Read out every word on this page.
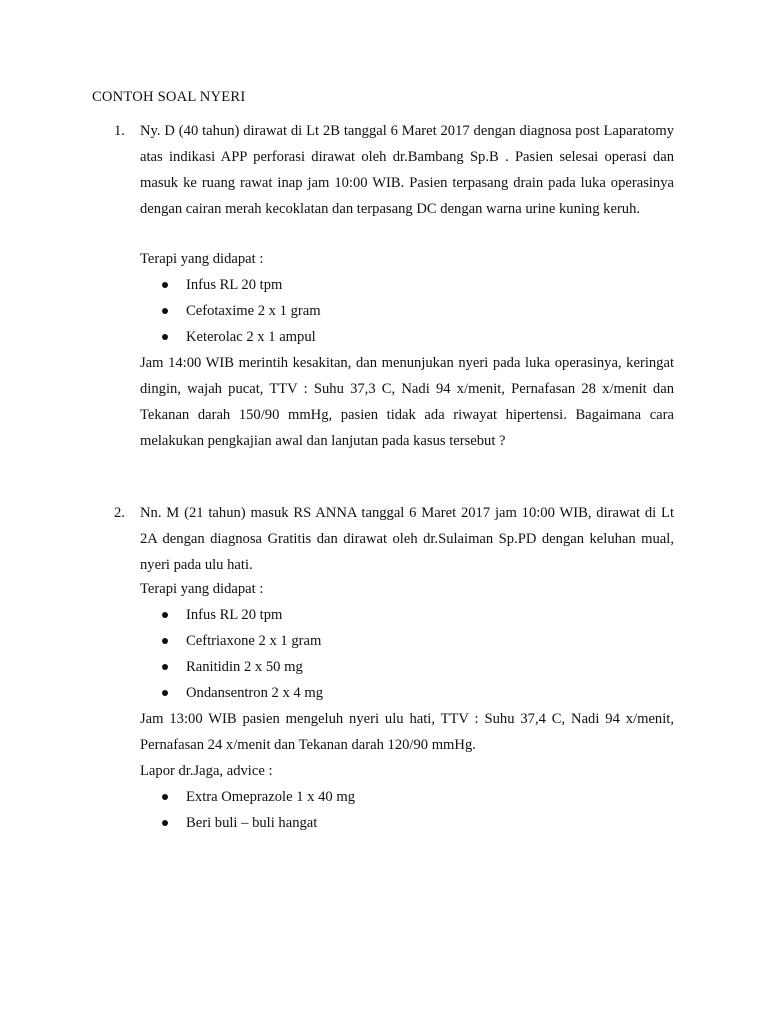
CONTOH SOAL NYERI
1. Ny. D (40 tahun) dirawat di Lt 2B tanggal 6 Maret 2017 dengan diagnosa post Laparatomy atas indikasi APP perforasi dirawat oleh dr.Bambang Sp.B . Pasien selesai operasi dan masuk ke ruang rawat inap jam 10:00 WIB. Pasien terpasang drain pada luka operasinya dengan cairan merah kecoklatan dan terpasang DC dengan warna urine kuning keruh.
Terapi yang didapat :
Infus RL 20 tpm
Cefotaxime 2 x 1 gram
Keterolac 2 x 1 ampul
Jam 14:00 WIB merintih kesakitan, dan menunjukan nyeri pada luka operasinya, keringat dingin, wajah pucat, TTV : Suhu 37,3 C, Nadi 94 x/menit, Pernafasan 28 x/menit dan Tekanan darah 150/90 mmHg, pasien tidak ada riwayat hipertensi. Bagaimana cara melakukan pengkajian awal dan lanjutan pada kasus tersebut ?
2. Nn. M (21 tahun) masuk RS ANNA tanggal 6 Maret 2017 jam 10:00 WIB, dirawat di Lt 2A dengan diagnosa Gratitis dan dirawat oleh dr.Sulaiman Sp.PD dengan keluhan mual, nyeri pada ulu hati.
Terapi yang didapat :
Infus RL 20 tpm
Ceftriaxone 2 x 1 gram
Ranitidin 2 x 50 mg
Ondansentron 2 x 4 mg
Jam 13:00 WIB pasien mengeluh nyeri ulu hati, TTV : Suhu 37,4 C, Nadi 94 x/menit, Pernafasan 24 x/menit dan Tekanan darah 120/90 mmHg.
Lapor dr.Jaga, advice :
Extra Omeprazole 1 x 40 mg
Beri buli – buli hangat
